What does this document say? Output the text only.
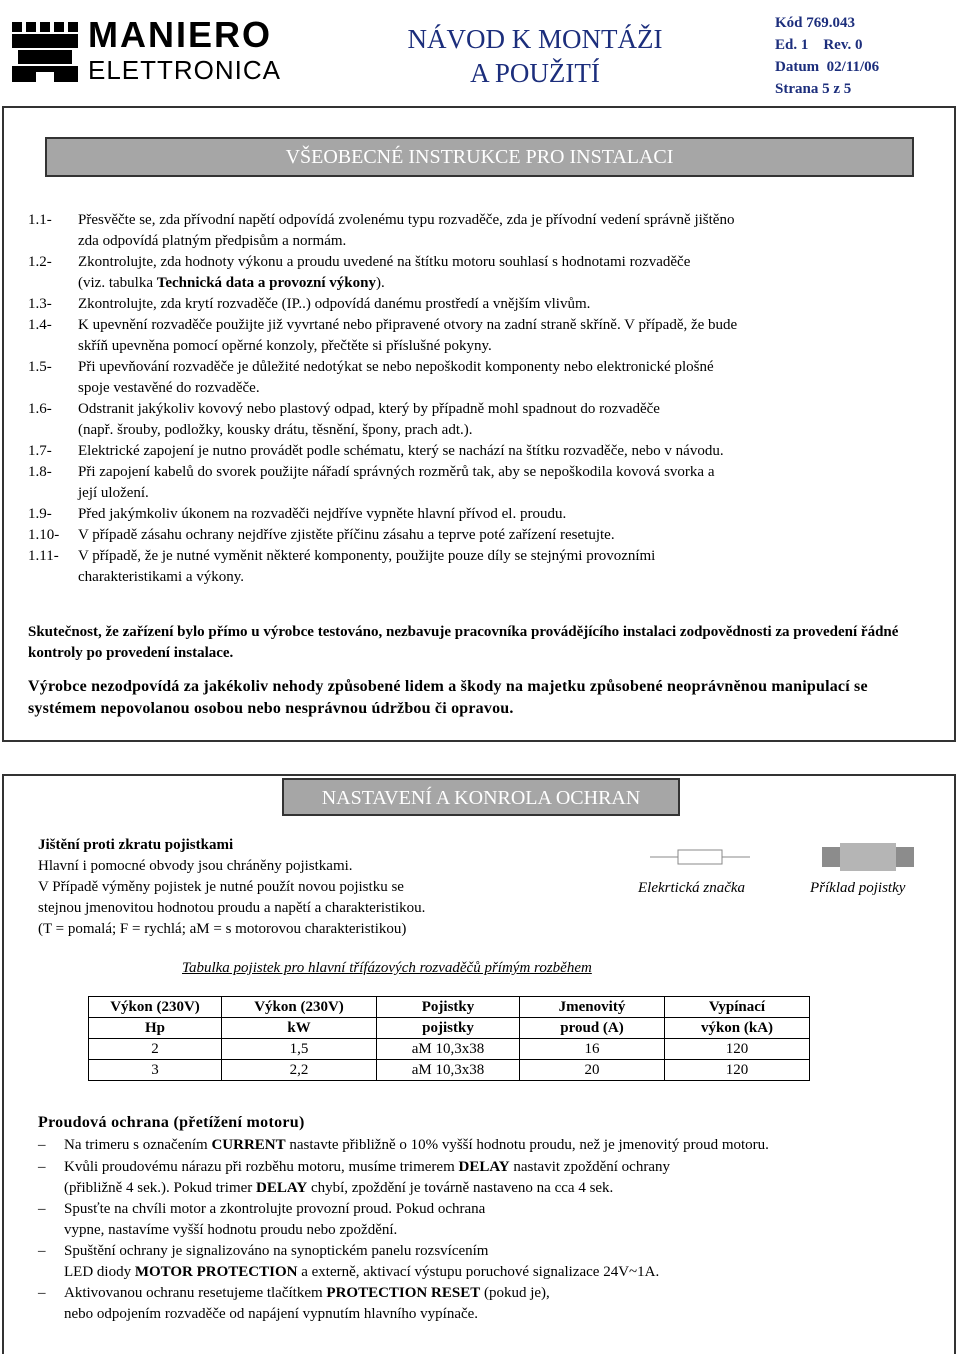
MANIERO
ELETTRONICA
NÁVOD K MONTÁŽI
A POUŽITÍ
Kód 769.043
Ed. 1    Rev. 0
Datum  02/11/06
Strana 5 z 5
VŠEOBECNÉ INSTRUKCE PRO INSTALACI
1.1-	Přesvěčte se, zda přívodní napětí odpovídá zvolenému typu rozvaděče, zda je přívodní vedení správně jištěno
zda odpovídá platným předpisům a normám.
1.2-	Zkontrolujte, zda hodnoty výkonu a proudu uvedené na štítku motoru souhlasí s hodnotami rozvaděče
(viz. tabulka Technická data a provozní výkony).
1.3-	Zkontrolujte, zda krytí rozvaděče (IP..) odpovídá danému prostředí a vnějším vlivům.
1.4-	K upevnění rozvaděče použijte již vyvrtané nebo připravené otvory na zadní straně skříně. V případě, že bude
skříň upevněna pomocí opěrné konzoly, přečtěte si příslušné pokyny.
1.5-	Při upevňování rozvaděče je důležité nedotýkat se nebo nepoškodit komponenty nebo elektronické plošné
spoje vestavěné do rozvaděče.
1.6-	Odstranit jakýkoliv kovový nebo plastový odpad, který by případně mohl spadnout do rozvaděče
(např. šrouby, podložky, kousky drátu, těsnění, špony, prach adt.).
1.7-	Elektrické zapojení je nutno provádět podle schématu, který se nachází na štítku rozvaděče, nebo v návodu.
1.8-	Při zapojení kabelů do svorek použijte nářadí správných rozměrů tak, aby se nepoškodila kovová svorka a
její uložení.
1.9-	Před jakýmkoliv úkonem na rozvaděči nejdříve vypněte hlavní přívod el. proudu.
1.10-	V případě zásahu ochrany nejdříve zjistěte příčinu zásahu a teprve poté zařízení resetujte.
1.11-	V případě, že je nutné vyměnit některé komponenty, použijte pouze díly se stejnými provozními
charakteristikami a výkony.
Skutečnost, že zařízení bylo přímo u výrobce testováno, nezbavuje pracovníka provádějícího instalaci zodpovědnosti za provedení řádné kontroly po provedení instalace.
Výrobce nezodpovídá za jakékoliv nehody způsobené lidem a škody na majetku způsobené neoprávněnou manipulací se systémem nepovolanou osobou nebo nesprávnou údržbou či opravou.
NASTAVENÍ A KONROLA OCHRAN
Jištění proti zkratu pojistkami
Hlavní i pomocné obvody jsou chráněny pojistkami.
V Případě výměny pojistek je nutné použít novou pojistku se
stejnou jmenovitou hodnotou proudu a napětí a charakteristikou.
(T = pomalá; F = rychlá; aM = s motorovou charakteristikou)
Elekrtická značka	Příklad pojistky
Tabulka pojistek pro hlavní třífázových rozvaděčů přímým rozběhem
Výkon (230V)	Výkon (230V)	Pojistky	Jmenovitý	Vypínací
Hp	kW	pojistky	proud (A)	výkon (kA)
2	1,5	aM 10,3x38	16	120
3	2,2	aM 10,3x38	20	120
Proudová ochrana (přetížení motoru)
– Na trimeru s označením CURRENT nastavte přibližně o 10% vyšší hodnotu proudu, než je jmenovitý proud motoru.
– Kvůli proudovému nárazu při rozběhu motoru, musíme trimerem DELAY nastavit zpoždění ochrany
(přibližně 4 sek.). Pokud trimer DELAY chybí, zpoždění je továrně nastaveno na cca 4 sek.
– Spusťte na chvíli motor a zkontrolujte provozní proud. Pokud ochrana
vypne, nastavíme vyšší hodnotu proudu nebo zpoždění.
– Spuštění ochrany je signalizováno na synoptickém panelu rozsvícením
LED diody MOTOR PROTECTION a externě, aktivací výstupu poruchové signalizace 24V~1A.
– Aktivovanou ochranu resetujeme tlačítkem PROTECTION RESET (pokud je),
nebo odpojením rozvaděče od napájení vypnutím hlavního vypínače.
